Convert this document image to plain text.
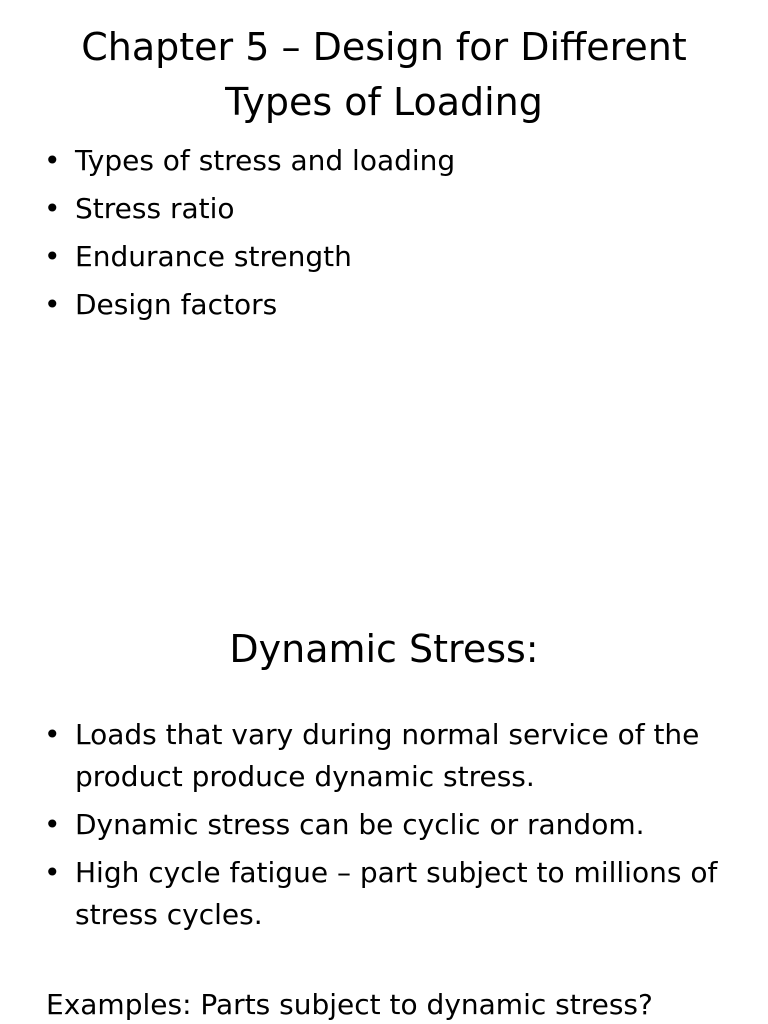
Chapter 5 – Design for Different
Types of Loading
• Types of stress and loading
• Stress ratio
• Endurance strength
• Design factors
Dynamic Stress:
• Loads that vary during normal service of the product produce dynamic stress.
• Dynamic stress can be cyclic or random.
• High cycle fatigue – part subject to millions of stress cycles.
Examples: Parts subject to dynamic stress?
